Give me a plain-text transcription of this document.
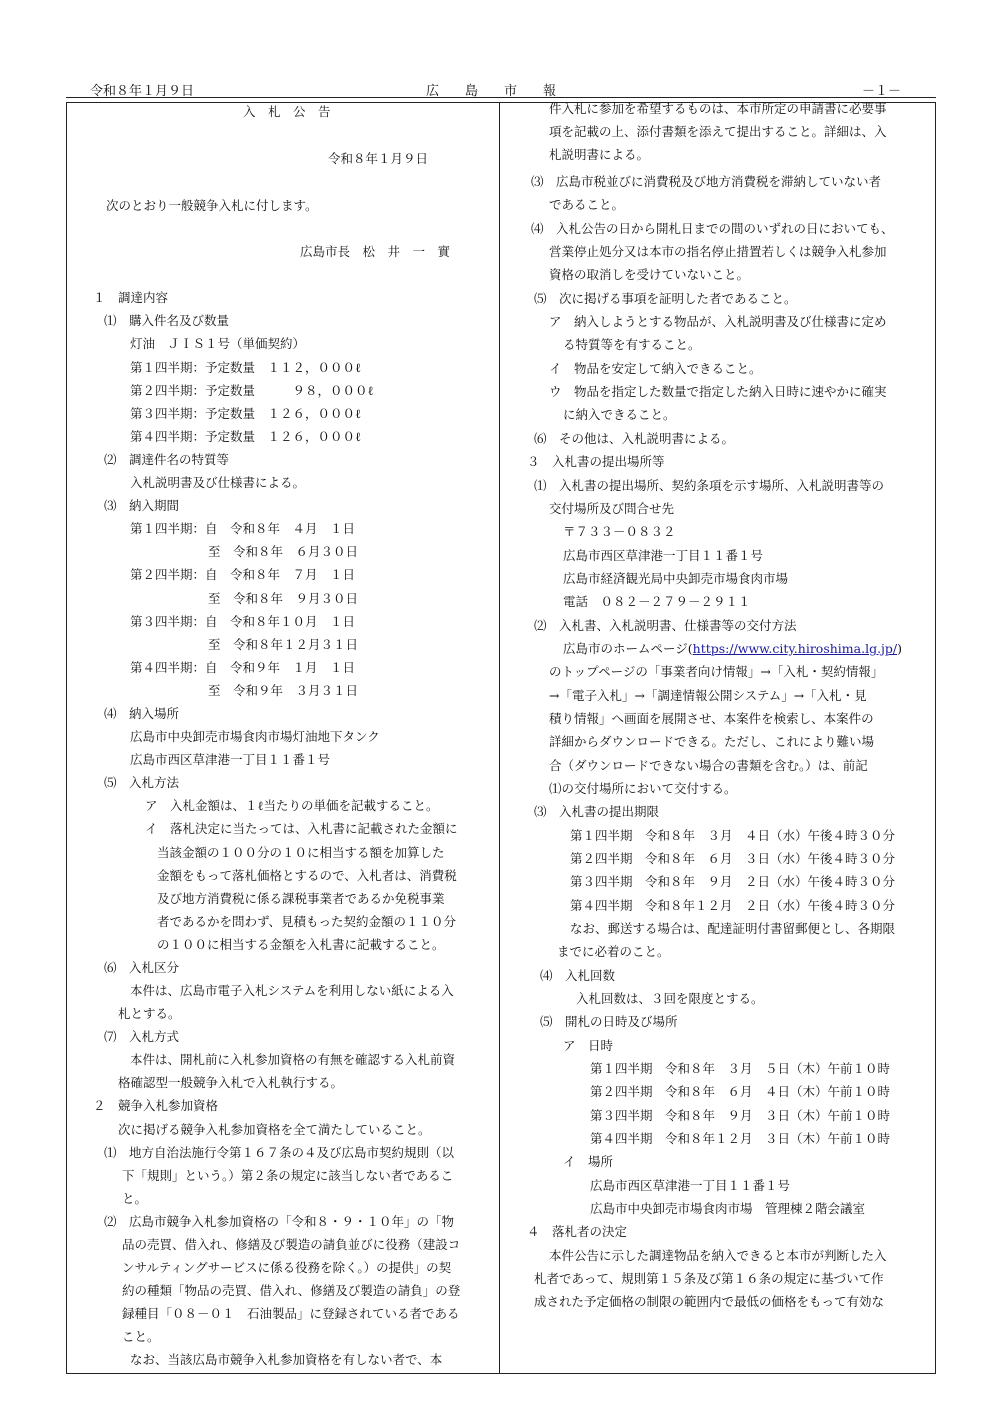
令和８年１月９日	広　　島　　市　　報	－１－
入　札　公　告
令和８年１月９日
次のとおり一般競争入札に付します。
広島市長　松　井　一　實
１　調達内容
⑴　購入件名及び数量
灯油　ＪＩＳ１号（単価契約）
第１四半期：予定数量　１１２，０００ℓ
第２四半期：予定数量　　　９８，０００ℓ
第３四半期：予定数量　１２６，０００ℓ
第４四半期：予定数量　１２６，０００ℓ
⑵　調達件名の特質等
入札説明書及び仕様書による。
⑶　納入期間
第１四半期：自　令和８年　４月　１日
至　令和８年　６月３０日
第２四半期：自　令和８年　７月　１日
至　令和８年　９月３０日
第３四半期：自　令和８年１０月　１日
至　令和８年１２月３１日
第４四半期：自　令和９年　１月　１日
至　令和９年　３月３１日
⑷　納入場所
広島市中央卸売市場食肉市場灯油地下タンク
広島市西区草津港一丁目１１番１号
⑸　入札方法
ア　入札金額は、１ℓ当たりの単価を記載すること。
イ　落札決定に当たっては、入札書に記載された金額に
当該金額の１００分の１０に相当する額を加算した
金額をもって落札価格とするので、入札者は、消費税
及び地方消費税に係る課税事業者であるか免税事業
者であるかを問わず、見積もった契約金額の１１０分
の１００に相当する金額を入札書に記載すること。
⑹　入札区分
本件は、広島市電子入札システムを利用しない紙による入
札とする。
⑺　入札方式
本件は、開札前に入札参加資格の有無を確認する入札前資
格確認型一般競争入札で入札執行する。
２　競争入札参加資格
次に掲げる競争入札参加資格を全て満たしていること。
⑴　地方自治法施行令第１６７条の４及び広島市契約規則（以
下「規則」という。）第２条の規定に該当しない者であるこ
と。
⑵　広島市競争入札参加資格の「令和８・９・１０年」の「物
品の売買、借入れ、修繕及び製造の請負並びに役務（建設コ
ンサルティングサービスに係る役務を除く。）の提供」の契
約の種類「物品の売買、借入れ、修繕及び製造の請負」の登
録種目「０８－０１　石油製品」に登録されている者である
こと。
なお、当該広島市競争入札参加資格を有しない者で、本
件入札に参加を希望するものは、本市所定の申請書に必要事
項を記載の上、添付書類を添えて提出すること。詳細は、入
札説明書による。
⑶　広島市税並びに消費税及び地方消費税を滞納していない者
であること。
⑷　入札公告の日から開札日までの間のいずれの日においても、
営業停止処分又は本市の指名停止措置若しくは競争入札参加
資格の取消しを受けていないこと。
⑸　次に掲げる事項を証明した者であること。
ア　納入しようとする物品が、入札説明書及び仕様書に定め
る特質等を有すること。
イ　物品を安定して納入できること。
ウ　物品を指定した数量で指定した納入日時に速やかに確実
に納入できること。
⑹　その他は、入札説明書による。
３　入札書の提出場所等
⑴　入札書の提出場所、契約条項を示す場所、入札説明書等の
交付場所及び問合せ先
〒７３３－０８３２
広島市西区草津港一丁目１１番１号
広島市経済観光局中央卸売市場食肉市場
電話　０８２－２７９－２９１１
⑵　入札書、入札説明書、仕様書等の交付方法
広島市のホームページ(https://www.city.hiroshima.lg.jp/)
のトップページの「事業者向け情報」→「入札・契約情報」
→「電子入札」→「調達情報公開システム」→「入札・見
積り情報」へ画面を展開させ、本案件を検索し、本案件の
詳細からダウンロードできる。ただし、これにより難い場
合（ダウンロードできない場合の書類を含む。）は、前記
⑴の交付場所において交付する。
⑶　入札書の提出期限
第１四半期　令和８年　３月　４日（水）午後４時３０分
第２四半期　令和８年　６月　３日（水）午後４時３０分
第３四半期　令和８年　９月　２日（水）午後４時３０分
第４四半期　令和８年１２月　２日（水）午後４時３０分
なお、郵送する場合は、配達証明付書留郵便とし、各期限
までに必着のこと。
⑷　入札回数
入札回数は、３回を限度とする。
⑸　開札の日時及び場所
ア　日時
第１四半期　令和８年　３月　５日（木）午前１０時
第２四半期　令和８年　６月　４日（木）午前１０時
第３四半期　令和８年　９月　３日（木）午前１０時
第４四半期　令和８年１２月　３日（木）午前１０時
イ　場所
広島市西区草津港一丁目１１番１号
広島市中央卸売市場食肉市場　管理棟２階会議室
４　落札者の決定
本件公告に示した調達物品を納入できると本市が判断した入
札者であって、規則第１５条及び第１６条の規定に基づいて作
成された予定価格の制限の範囲内で最低の価格をもって有効な
